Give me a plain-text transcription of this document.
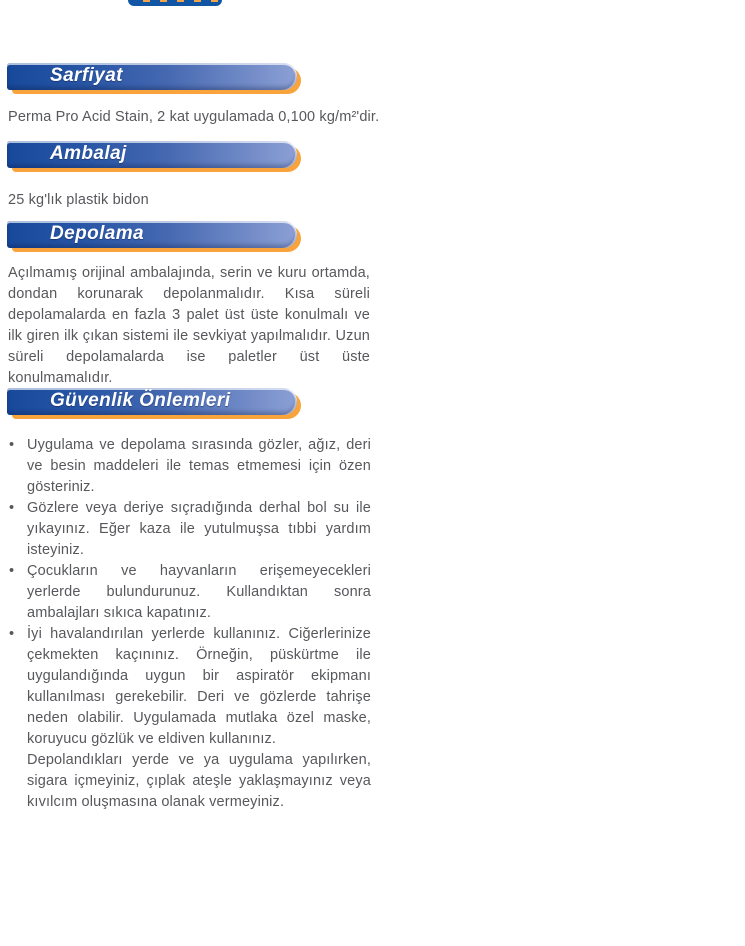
Sarfiyat

Perma Pro Acid Stain, 2 kat uygulamada 0,100 kg/m²'dir.

Ambalaj

25 kg'lık plastik bidon

Depolama

Açılmamış orijinal ambalajında, serin ve kuru ortamda, dondan korunarak depolanmalıdır. Kısa süreli depolamalarda en fazla 3 palet üst üste konulmalı ve ilk giren ilk çıkan sistemi ile sevkiyat yapılmalıdır. Uzun süreli depolamalarda ise paletler üst üste konulmamalıdır.

Güvenlik Önlemleri
• Uygulama ve depolama sırasında gözler, ağız, deri ve besin maddeleri ile temas etmemesi için özen gösteriniz.
• Gözlere veya deriye sıçradığında derhal bol su ile yıkayınız. Eğer kaza ile yutulmuşsa tıbbi yardım isteyiniz.
• Çocukların ve hayvanların erişemeyecekleri yerlerde bulundurunuz. Kullandıktan sonra ambalajları sıkıca kapatınız.
• İyi havalandırılan yerlerde kullanınız. Ciğerlerinize çekmekten kaçınınız. Örneğin, püskürtme ile uygulandığında uygun bir aspiratör ekipmanı kullanılması gerekebilir. Deri ve gözlerde tahrişe neden olabilir. Uygulamada mutlaka özel maske, koruyucu gözlük ve eldiven kullanınız.

Depolandıkları yerde ve ya uygulama yapılırken, sigara içmeyiniz, çıplak ateşle yaklaşmayınız veya kıvılcım oluşmasına olanak vermeyiniz.
